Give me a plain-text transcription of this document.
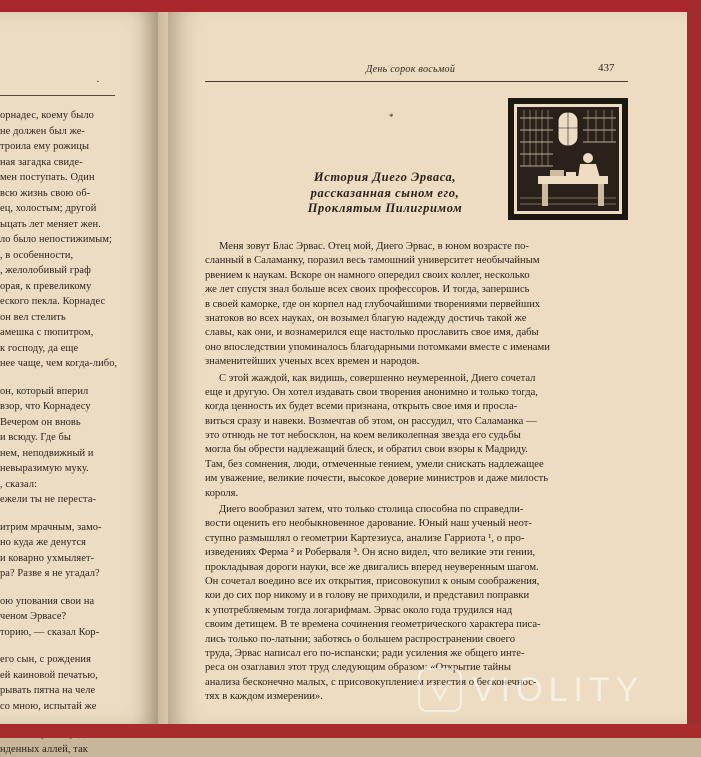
·
орнадес, коему было
не должен был же-
троила ему рожицы
ная загадка свиде-
мен поступать. Один
всю жизнь свою об-
ец, холостым; другой
ыцать лет меняет жен.
ло было непостижимым;
, в особенности,
, желолобивый граф
орая, к превеликому
еского пекла. Корнадес
он вел стелить
амешка с пюпитром,
к господу, да еще
нее чаще, чем когда-либо,
он, который вперил
взор, что Корнадесу
Вечером он вновь
и всюду. Где бы
нем, неподвижный и
невыразимую муку.
, сказал:
ежели ты не переста-
итрим мрачным, замо-
но куда же денутся
и коварно ухмыляет-
ра? Разве я не угадал?
ою упования свои на
ченом Эрвасе?
торию, — сказал Кор-
его сын, с рождения
ей каиновой печатью,
рывать пятна на челе
со мною, испытай же
нденных аллей, так
День сорок восьмой	437
*
История Диего Эрваса,
рассказанная сыном его,
Проклятым Пилигримом
Меня зовут Блас Эрвас. Отец мой, Диего Эрвас, в юном возрасте по-
сланный в Саламанку, поразил весь тамошний университет необычайным
рвением к наукам. Вскоре он намного опередил своих коллег, несколько
же лет спустя знал больше всех своих профессоров. И тогда, запершись
в своей каморке, где он корпел над глубочайшими творениями первейших
знатоков во всех науках, он возымел благую надежду достичь такой же
славы, как они, и вознамерился еще настолько прославить свое имя, дабы
оно впоследствии упоминалось благодарными потомками вместе с именами
знаменитейших ученых всех времен и народов.
С этой жаждой, как видишь, совершенно неумеренной, Диего сочетал
еще и другую. Он хотел издавать свои творения анонимно и только тогда,
когда ценность их будет всеми признана, открыть свое имя и просла-
виться сразу и навеки. Возмечтав об этом, он рассудил, что Саламанка —
это отнюдь не тот небосклон, на коем великолепная звезда его судьбы
могла бы обрести надлежащий блеск, и обратил свои взоры к Мадриду.
Там, без сомнения, люди, отмеченные гением, умели снискать надлежащее
им уважение, великие почести, высокое доверие министров и даже милость
короля.
Диего вообразил затем, что только столица способна по справедли-
вости оценить его необыкновенное дарование. Юный наш ученый неот-
ступно размышлял о геометрии Картезиуса, анализе Гарриота ¹, о про-
изведениях Ферма ² и Роберваля ³. Он ясно видел, что великие эти гении,
прокладывая дороги науки, все же двигались вперед неуверенным шагом.
Он сочетал воедино все их открытия, присовокупил к оным соображения,
кои до сих пор никому и в голову не приходили, и представил поправки
к употребляемым тогда логарифмам. Эрвас около года трудился над
своим детищем. В те времена сочинения геометрического характера писа-
лись только по-латыни; заботясь о большем распространении своего
труда, Эрвас написал его по-испански; ради усиления же общего инте-
реса он озаглавил этот труд следующим образом: «Открытие тайны
анализа бесконечно малых, с присовокуплением известия о бесконечнос-
тях в каждом измерении».	VIOLITY
